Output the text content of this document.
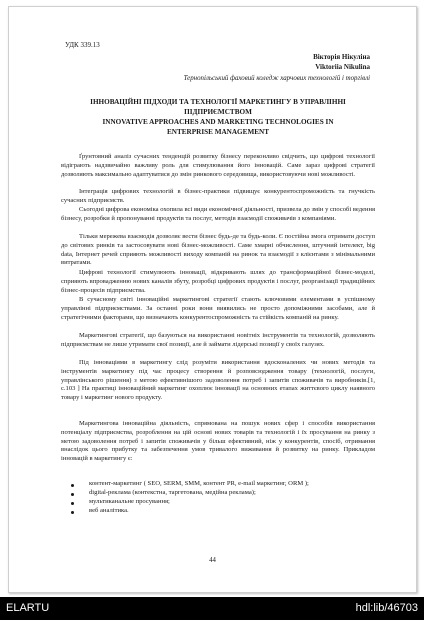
УДК 339.13
Вікторія Нікуліна
Viktoriia Nikulina
Тернопільський фаховий коледж харчових технологій і торгівлі
ІННОВАЦІЙНІ ПІДХОДИ ТА ТЕХНОЛОГІЇ МАРКЕТИНГУ В УПРАВЛІННІ
ПІДПРИЄМСТВОМ
INNOVATIVE APPROACHES AND MARKETING TECHNOLOGIES IN
ENTERPRISE MANAGEMENT
Ґрунтовний аналіз сучасних тенденцій розвитку бізнесу переконливо свідчить, що цифрові технології відіграють надзвичайно важливу роль для стимулювання його інновацій. Саме зараз цифрові стратегії дозволяють максимально адаптуватися до змін ринкового середовища, використовуючи нові можливості.
Інтеграція цифрових технологій в бізнес-практики підвищує конкурентоспроможність та гнучкість сучасних підприємств.
Сьогодні цифрова економіка охопила всі види економічної діяльності, призвела до змін у способі ведення бізнесу, розробки й пропонуванні продуктів та послуг, методів взаємодії споживачів з компаніями.
Тільки мережева взаємодія дозволяє вести бізнес будь-де та будь-коли. Є постійна змога отримати доступ до світових ринків та застосовувати нові бізнес-можливості. Саме хмарні обчислення, штучний інтелект, big data, Інтернет речей сприяють можливості виходу компаній на ринок та взаємодії з клієнтами з мінімальними витратами.
Цифрові технології стимулюють інновації, відкривають шлях до трансформаційної бізнес-моделі, сприяють впровадженню нових каналів збуту, розробці цифрових продуктів і послуг, реорганізації традиційних бізнес-процесів підприємства.
В сучасному світі інноваційні маркетингові стратегії стають ключовими елементами в успішному управлінні підприємствами. За останні роки вони виявились не просто допоміжними засобами, але й стратегічними факторами, що визначають конкурентоспроможність та стійкість компаній на ринку.
Маркетингові стратегії, що базуються на використанні новітніх інструментів та технологій, дозволяють підприємствам не лише утримати свої позиції, але й займати лідерські позиції у своїх галузях.
Під інноваціями в маркетингу слід розуміти використання вдосконалених чи нових методів та інструментів маркетингу під час процесу створення й розповсюдження товару (технологій, послуги, управлінського рішення) з метою ефективнішого задоволення потреб і запитів споживачів та виробників.[1, с.103 ] На практиці інноваційний маркетинг охоплює інновації на основних етапах життєвого циклу наявного товару і маркетинг нового продукту.
Маркетингова інноваційна діяльність, спрямована на пошук нових сфер і способів використання потенціалу підприємства, розроблення на цій основі нових товарів та технологій і їх просування на ринку з метою задоволення потреб і запитів споживачів у більш ефективний, ніж у конкурентів, спосіб, отримання внаслідок цього прибутку та забезпечення умов тривалого виживання й розвитку на ринку. Прикладом інновацій в маркетингу є:
контент-маркетинг ( SEO, SERM, SMM, контент PR, e-mail маркетинг, ORM );
digital-реклама (контекстна, таргетована, медійна реклама);
мультиканальне просування;
веб аналітика.
44
ELARTU	hdl:lib/46703
